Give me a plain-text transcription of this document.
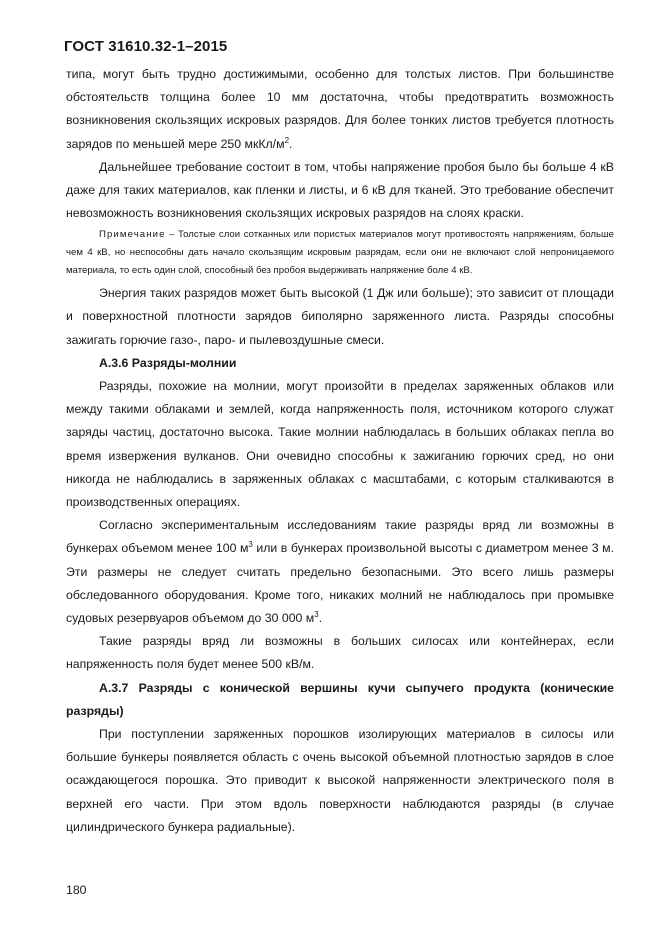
ГОСТ 31610.32-1–2015

типа, могут быть трудно достижимыми, особенно для толстых листов. При большинстве обстоятельств толщина более 10 мм достаточна, чтобы предотвратить возможность возникновения скользящих искровых разрядов. Для более тонких листов требуется плотность зарядов по меньшей мере 250 мкКл/$м^2$.

Дальнейшее требование состоит в том, чтобы напряжение пробоя было бы больше 4 кВ даже для таких материалов, как пленки и листы, и 6 кВ для тканей. Это требование обеспечит невозможность возникновения скользящих искровых разрядов на слоях краски.

Примечание – Толстые слои сотканных или пористых материалов могут противостоять напряжениям, больше чем 4 кВ, но неспособны дать начало скользящим искровым разрядам, если они не включают слой непроницаемого материала, то есть один слой, способный без пробоя выдерживать напряжение боле 4 кВ.

Энергия таких разрядов может быть высокой (1 Дж или больше); это зависит от площади и поверхностной плотности зарядов биполярно заряженного листа. Разряды способны зажигать горючие газо-, паро- и пылевоздушные смеси.

А.3.6 Разряды-молнии

Разряды, похожие на молнии, могут произойти в пределах заряженных облаков или между такими облаками и землей, когда напряженность поля, источником которого служат заряды частиц, достаточно высока. Такие молнии наблюдалась в больших облаках пепла во время извержения вулканов. Они очевидно способны к зажиганию горючих сред, но они никогда не наблюдались в заряженных облаках с масштабами, с которым сталкиваются в производственных операциях.

Согласно экспериментальным исследованиям такие разряды вряд ли возможны в бункерах объемом менее 100 $м^3$ или в бункерах произвольной высоты с диаметром менее 3 м. Эти размеры не следует считать предельно безопасными. Это всего лишь размеры обследованного оборудования. Кроме того, никаких молний не наблюдалось при промывке судовых резервуаров объемом до 30 000 $м^3$.

Такие разряды вряд ли возможны в больших силосах или контейнерах, если напряженность поля будет менее 500 кВ/м.

А.3.7 Разряды с конической вершины кучи сыпучего продукта (конические разряды)

При поступлении заряженных порошков изолирующих материалов в силосы или большие бункеры появляется область с очень высокой объемной плотностью зарядов в слое осаждающегося порошка. Это приводит к высокой напряженности электрического поля в верхней его части. При этом вдоль поверхности наблюдаются разряды (в случае цилиндрического бункера радиальные).

180
